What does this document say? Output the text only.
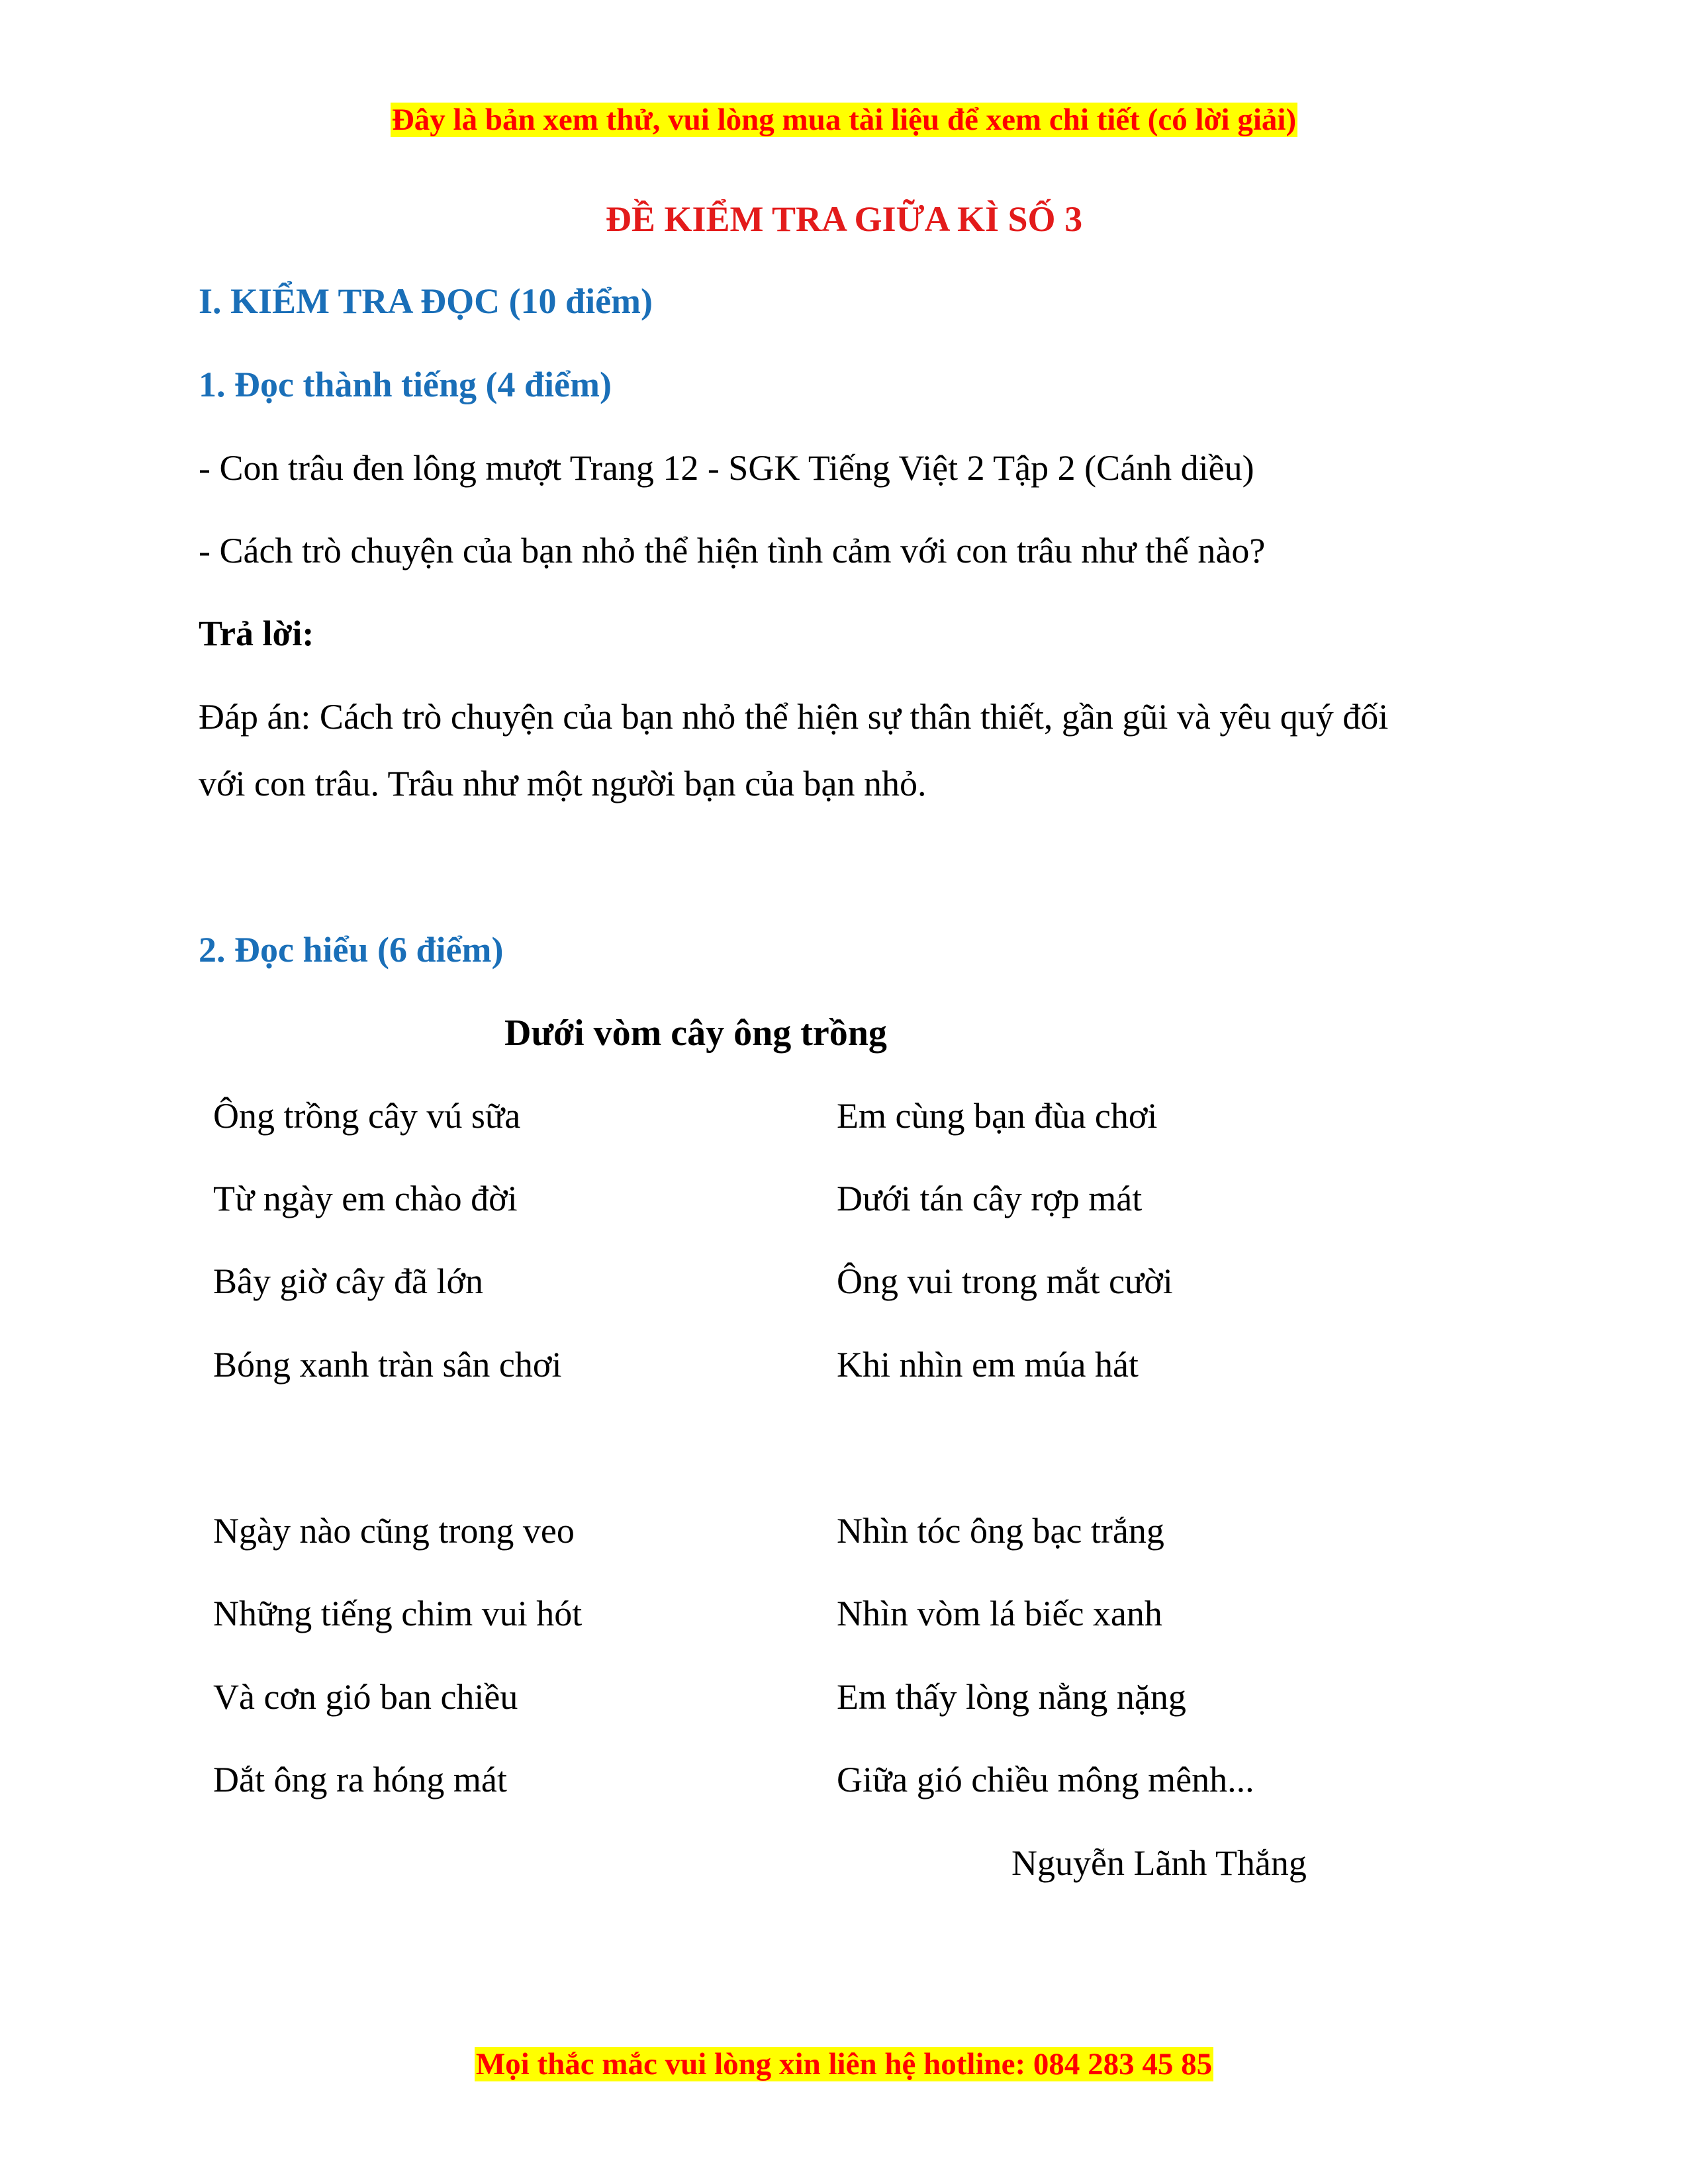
Đây là bản xem thử, vui lòng mua tài liệu để xem chi tiết (có lời giải)
ĐỀ KIỂM TRA GIỮA KÌ SỐ 3
I. KIỂM TRA ĐỌC (10 điểm)
1. Đọc thành tiếng (4 điểm)
- Con trâu đen lông mượt Trang 12 - SGK Tiếng Việt 2 Tập 2 (Cánh diều)
- Cách trò chuyện của bạn nhỏ thể hiện tình cảm với con trâu như thế nào?
Trả lời:
Đáp án: Cách trò chuyện của bạn nhỏ thể hiện sự thân thiết, gần gũi và yêu quý đối
với con trâu. Trâu như một người bạn của bạn nhỏ.
2. Đọc hiểu (6 điểm)
Dưới vòm cây ông trồng
Ông trồng cây vú sữa
Từ ngày em chào đời
Bây giờ cây đã lớn
Bóng xanh tràn sân chơi
Em cùng bạn đùa chơi
Dưới tán cây rợp mát
Ông vui trong mắt cười
Khi nhìn em múa hát
Ngày nào cũng trong veo
Những tiếng chim vui hót
Và cơn gió ban chiều
Dắt ông ra hóng mát
Nhìn tóc ông bạc trắng
Nhìn vòm lá biếc xanh
Em thấy lòng nằng nặng
Giữa gió chiều mông mênh...
Nguyễn Lãnh Thắng
Mọi thắc mắc vui lòng xin liên hệ hotline: 084 283 45 85
